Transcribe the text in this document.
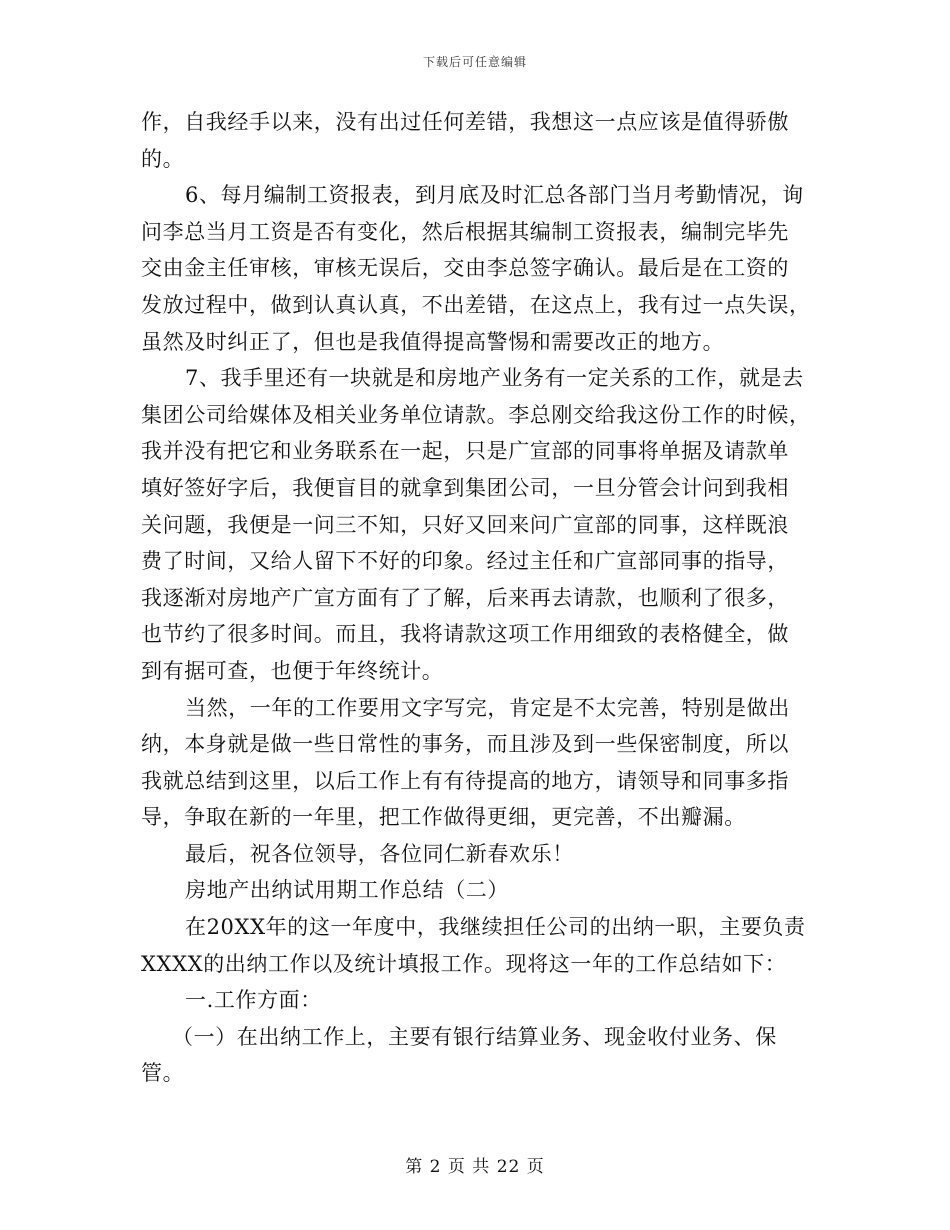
下载后可任意编辑
作，自我经手以来，没有出过任何差错，我想这一点应该是值得骄傲
的。
6、每月编制工资报表，到月底及时汇总各部门当月考勤情况，询
问李总当月工资是否有变化，然后根据其编制工资报表，编制完毕先
交由金主任审核，审核无误后，交由李总签字确认。最后是在工资的
发放过程中，做到认真认真，不出差错，在这点上，我有过一点失误，
虽然及时纠正了，但也是我值得提高警惕和需要改正的地方。
7、我手里还有一块就是和房地产业务有一定关系的工作，就是去
集团公司给媒体及相关业务单位请款。李总刚交给我这份工作的时候，
我并没有把它和业务联系在一起，只是广宣部的同事将单据及请款单
填好签好字后，我便盲目的就拿到集团公司，一旦分管会计问到我相
关问题，我便是一问三不知，只好又回来问广宣部的同事，这样既浪
费了时间，又给人留下不好的印象。经过主任和广宣部同事的指导，
我逐渐对房地产广宣方面有了了解，后来再去请款，也顺利了很多，
也节约了很多时间。而且，我将请款这项工作用细致的表格健全，做
到有据可查，也便于年终统计。
当然，一年的工作要用文字写完，肯定是不太完善，特别是做出
纳，本身就是做一些日常性的事务，而且涉及到一些保密制度，所以
我就总结到这里，以后工作上有有待提高的地方，请领导和同事多指
导，争取在新的一年里，把工作做得更细，更完善，不出瓣漏。
最后，祝各位领导，各位同仁新春欢乐！
房地产出纳试用期工作总结（二）
在20XX年的这一年度中，我继续担任公司的出纳一职，主要负责
XXXX的出纳工作以及统计填报工作。现将这一年的工作总结如下：
一.工作方面：
（一）在出纳工作上，主要有银行结算业务、现金收付业务、保
管。
第 2 页 共 22 页
